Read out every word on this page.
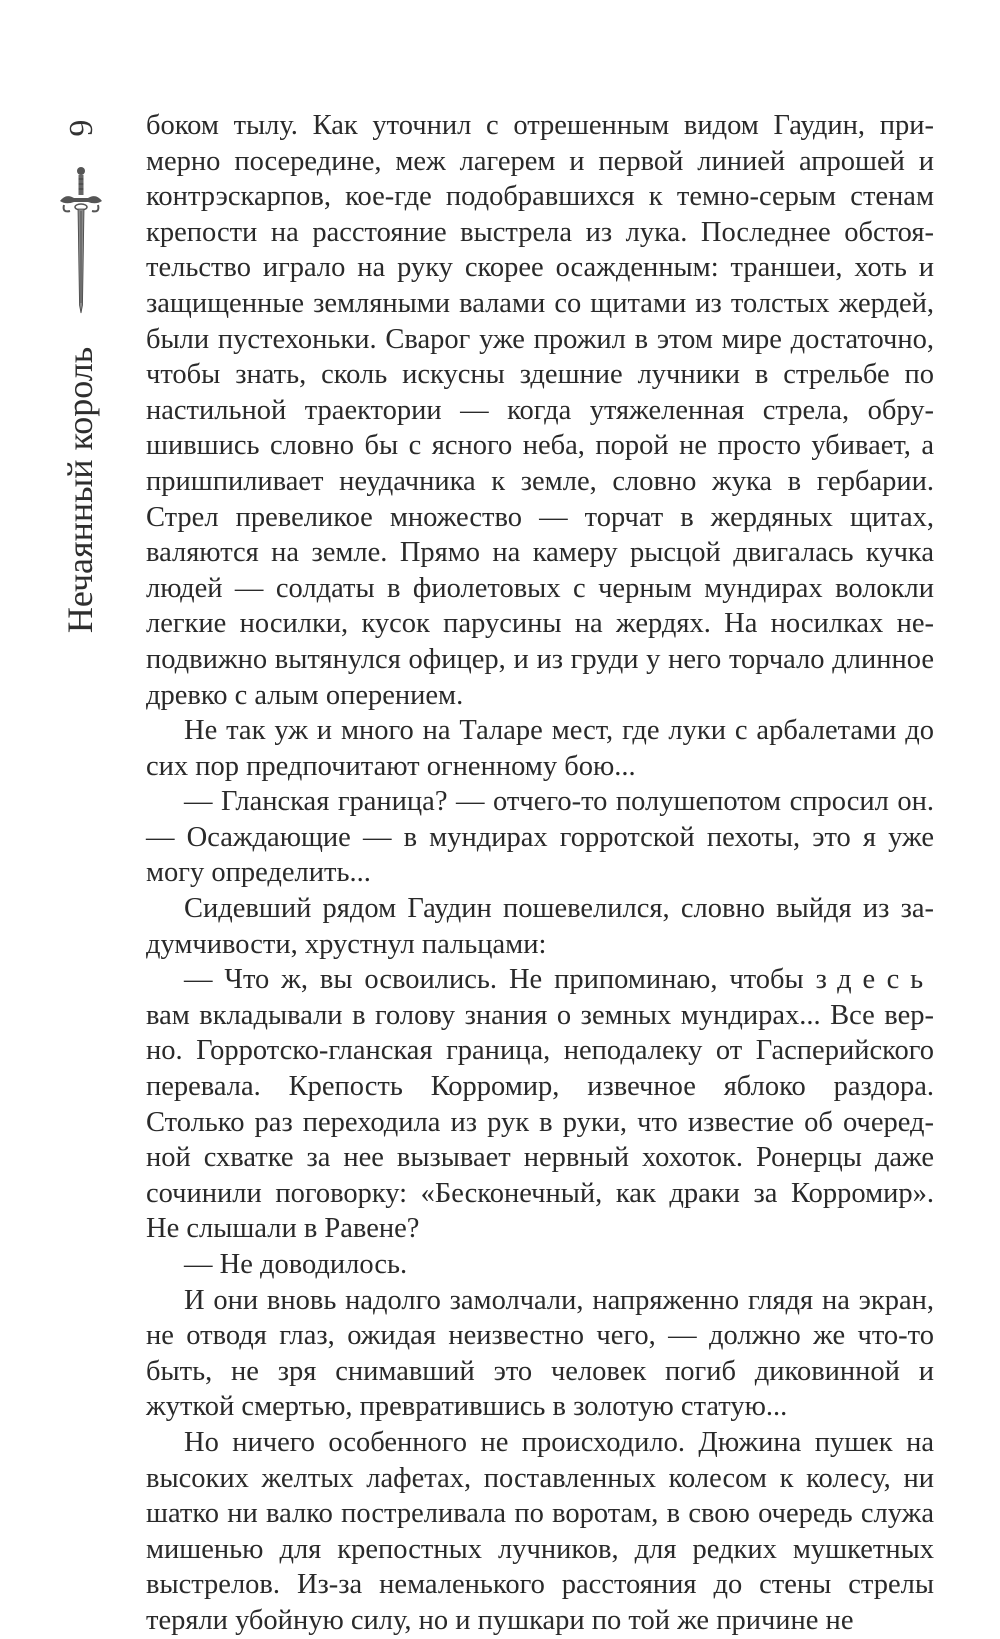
6
Нечаянный король

боком тылу. Как уточнил с отрешенным видом Гаудин, примерно посередине, меж лагерем и первой линией апрошей и контрэскарпов, кое-где подобравшихся к темно-серым стенам крепости на расстояние выстрела из лука. Последнее обстоятельство играло на руку скорее осажденным: траншеи, хоть и защищенные земляными валами со щитами из толстых жердей, были пустехоньки. Сварог уже прожил в этом мире достаточно, чтобы знать, сколь искусны здешние лучники в стрельбе по настильной траектории — когда утяжеленная стрела, обрушившись словно бы с ясного неба, порой не просто убивает, а пришпиливает неудачника к земле, словно жука в гербарии. Стрел превеликое множество — торчат в жердяных щитах, валяются на земле. Прямо на камеру рысцой двигалась кучка людей — солдаты в фиолетовых с черным мундирах волокли легкие носилки, кусок парусины на жердях. На носилках неподвижно вытянулся офицер, и из груди у него торчало длинное древко с алым оперением.

Не так уж и много на Таларе мест, где луки с арбалетами до сих пор предпочитают огненному бою...

— Гланская граница? — отчего-то полушепотом спросил он. — Осаждающие — в мундирах горротской пехоты, это я уже могу определить...

Сидевший рядом Гаудин пошевелился, словно выйдя из задумчивости, хрустнул пальцами:

— Что ж, вы освоились. Не припоминаю, чтобы здесь вам вкладывали в голову знания о земных мундирах... Все верно. Горротско-гланская граница, неподалеку от Гасперийского перевала. Крепость Корромир, извечное яблоко раздора. Столько раз переходила из рук в руки, что известие об очередной схватке за нее вызывает нервный хохоток. Ронерцы даже сочинили поговорку: «Бесконечный, как драки за Корромир». Не слышали в Равене?

— Не доводилось.

И они вновь надолго замолчали, напряженно глядя на экран, не отводя глаз, ожидая неизвестно чего, — должно же что-то быть, не зря снимавший это человек погиб диковинной и жуткой смертью, превратившись в золотую статую...

Но ничего особенного не происходило. Дюжина пушек на высоких желтых лафетах, поставленных колесом к колесу, ни шатко ни валко постреливала по воротам, в свою очередь служа мишенью для крепостных лучников, для редких мушкетных выстрелов. Из-за немаленького расстояния до стены стрелы теряли убойную силу, но и пушкари по той же причине не
